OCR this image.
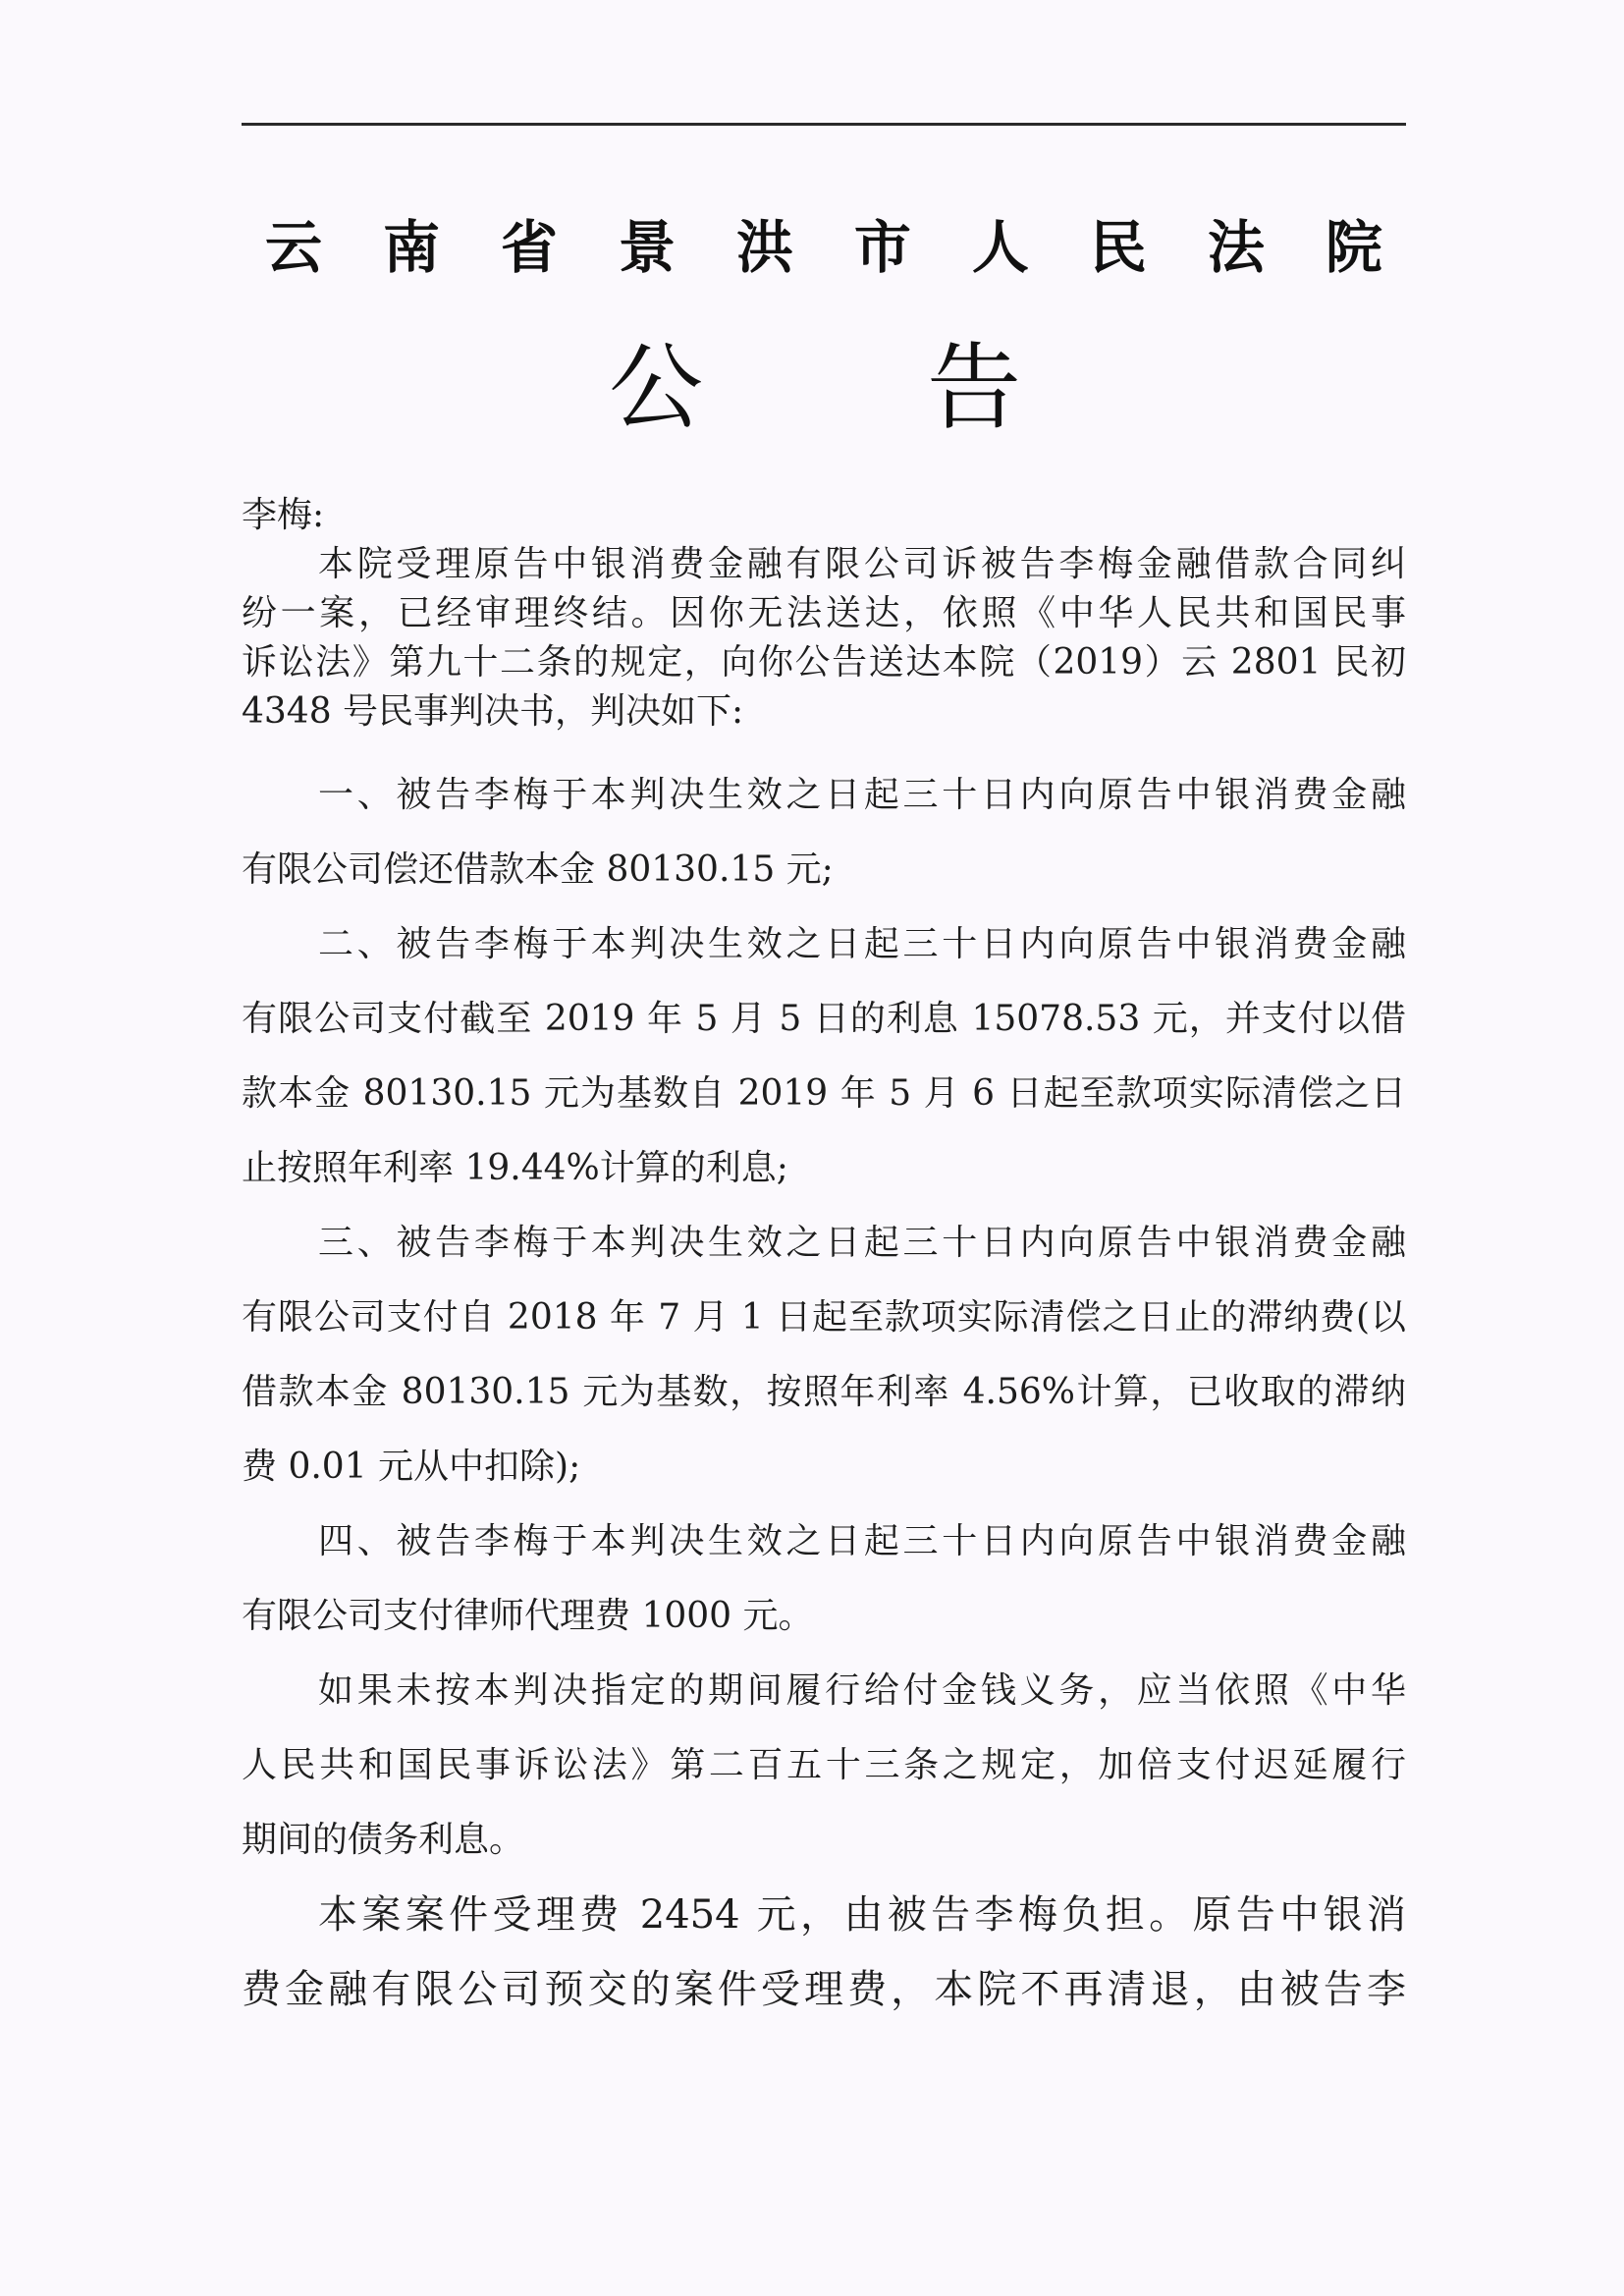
云 南 省 景 洪 市 人 民 法 院
公 告
李梅:
本院受理原告中银消费金融有限公司诉被告李梅金融借款合同纠
纷一案，已经审理终结。因你无法送达，依照《中华人民共和国民事
诉讼法》第九十二条的规定，向你公告送达本院（2019）云 2801 民初
4348 号民事判决书，判决如下:
一、被告李梅于本判决生效之日起三十日内向原告中银消费金融
有限公司偿还借款本金 80130.15 元;
二、被告李梅于本判决生效之日起三十日内向原告中银消费金融
有限公司支付截至 2019 年 5 月 5 日的利息 15078.53 元，并支付以借
款本金 80130.15 元为基数自 2019 年 5 月 6 日起至款项实际清偿之日
止按照年利率 19.44%计算的利息;
三、被告李梅于本判决生效之日起三十日内向原告中银消费金融
有限公司支付自 2018 年 7 月 1 日起至款项实际清偿之日止的滞纳费(以
借款本金 80130.15 元为基数，按照年利率 4.56%计算，已收取的滞纳
费 0.01 元从中扣除);
四、被告李梅于本判决生效之日起三十日内向原告中银消费金融
有限公司支付律师代理费 1000 元。
如果未按本判决指定的期间履行给付金钱义务，应当依照《中华
人民共和国民事诉讼法》第二百五十三条之规定，加倍支付迟延履行
期间的债务利息。
本案案件受理费 2454 元，由被告李梅负担。原告中银消
费金融有限公司预交的案件受理费，本院不再清退，由被告李
